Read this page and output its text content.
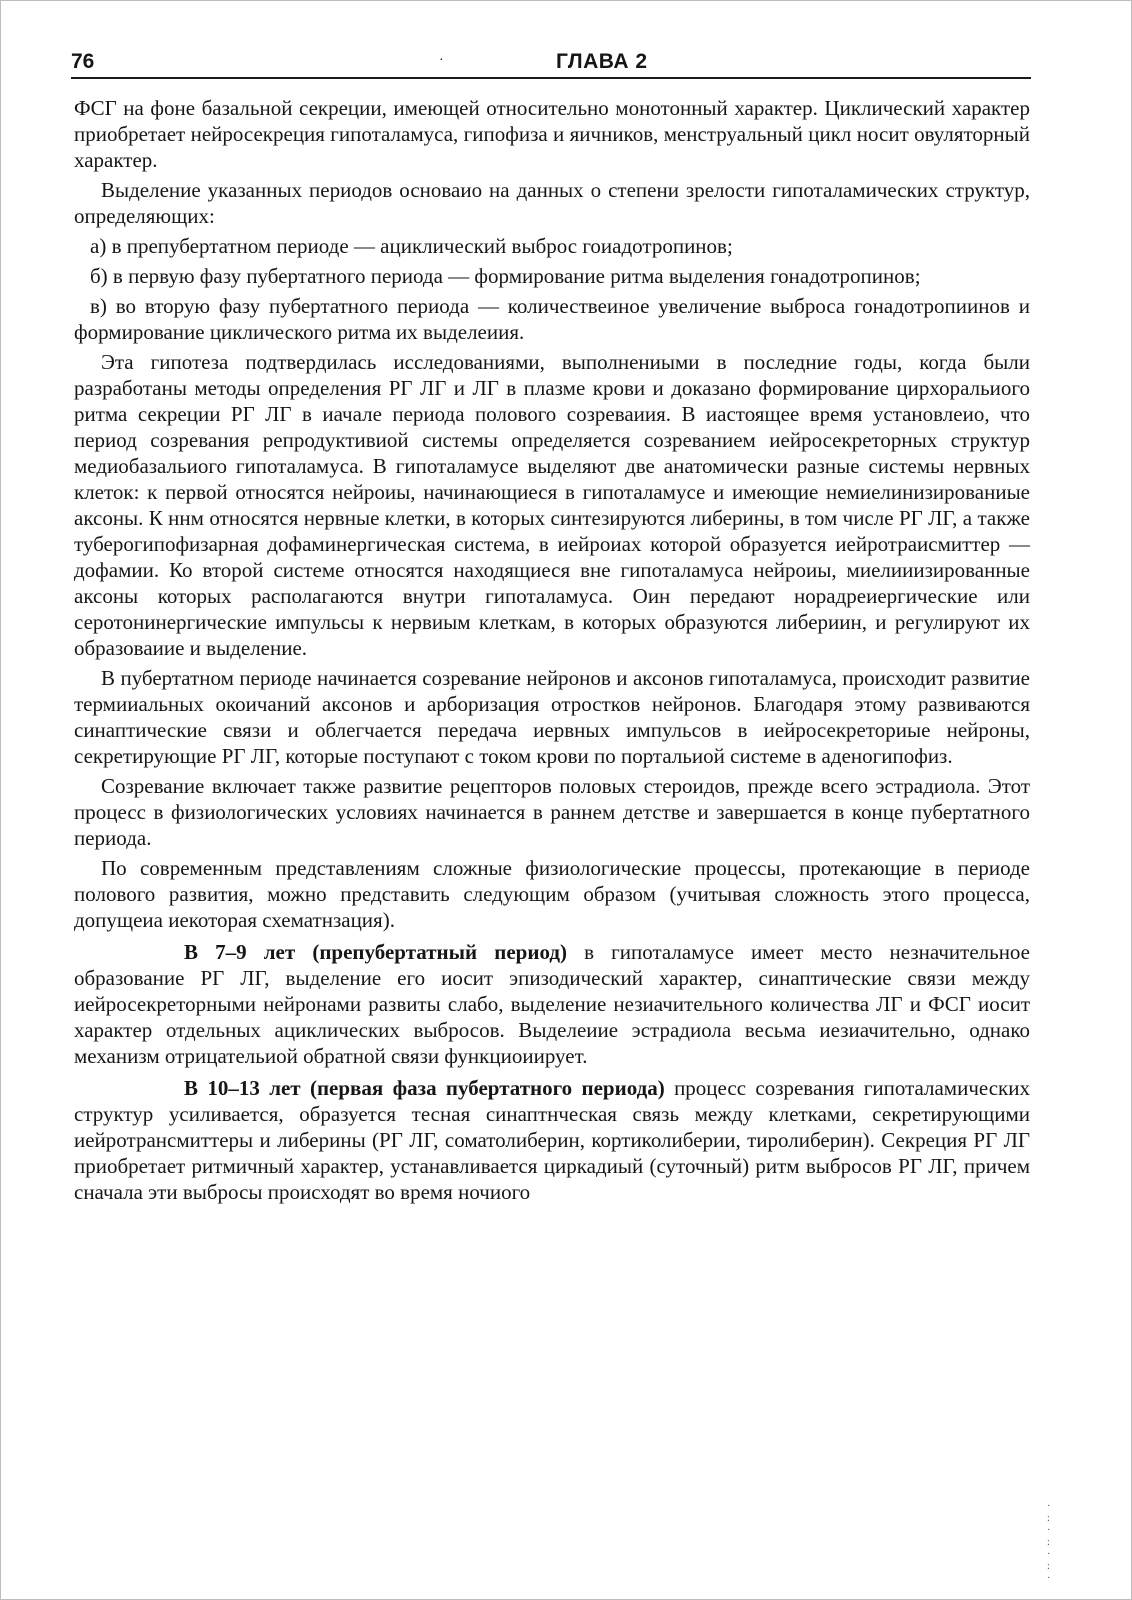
76	·	ГЛАВА 2

ФСГ на фоне базальной секреции, имеющей относительно монотонный характер. Циклический характер приобретает нейросекреция гипоталамуса, гипофиза и яичников, менструальный цикл носит овуляторный характер.

Выделение указанных периодов основаио на данных о степени зрелости гипоталамических структур, определяющих:

а) в препубертатном периоде — ациклический выброс гоиадотропинов;

б) в первую фазу пубертатного периода — формирование ритма выделения гонадотропинов;

в) во вторую фазу пубертатного периода — количествеиное увеличение выброса гонадотропиинов и формирование циклического ритма их выделеиия.

Эта гипотеза подтвердилась исследованиями, выполнениыми в последние годы, когда были разработаны методы определения РГ ЛГ и ЛГ в плазме крови и доказано формирование цирхоральиого ритма секреции РГ ЛГ в иачале периода полового созреваиия. В иастоящее время установлеио, что период созревания репродуктивиой системы определяется созреванием иейросекреторных структур медиобазальиого гипоталамуса. В гипоталамусе выделяют две анатомически разные системы нервных клеток: к первой относятся нейроиы, начинающиеся в гипоталамусе и имеющие немиелинизированиые аксоны. К ннм относятся нервные клетки, в которых синтезируются либерины, в том числе РГ ЛГ, а также туберогипофизарная дофаминергическая система, в иейроиах которой образуется иейротраисмиттер — дофамии. Ко второй системе относятся находящиеся вне гипоталамуса нейроиы, миелииизированные аксоны которых располагаются внутри гипоталамуса. Оин передают норадреиергические или серотонинергические импульсы к нервиым клеткам, в которых образуются либериин, и регулируют их образоваиие и выделение.

В пубертатном периоде начинается созревание нейронов и аксонов гипоталамуса, происходит развитие термииальных окоичаний аксонов и арборизация отростков нейронов. Благодаря этому развиваются синаптические связи и облегчается передача иервных импульсов в иейросекреториые нейроны, секретирующие РГ ЛГ, которые поступают с током крови по портальиой системе в аденогипофиз.

Созревание включает также развитие рецепторов половых стероидов, прежде всего эстрадиола. Этот процесс в физиологических условиях начинается в раннем детстве и завершается в конце пубертатного периода.

По современным представлениям сложные физиологические процессы, протекающие в периоде полового развития, можно представить следующим образом (учитывая сложность этого процесса, допущеиа иекоторая схематнзация).

В 7–9 лет (препубертатный период) в гипоталамусе имеет место незначительное образование РГ ЛГ, выделение его иосит эпизодический характер, синаптические связи между иейросекреторными нейронами развиты слабо, выделение незиачительного количества ЛГ и ФСГ иосит характер отдельных ациклических выбросов. Выделеиие эстрадиола весьма иезиачительно, однако механизм отрицательиой обратной связи функциоиирует.

В 10–13 лет (первая фаза пубертатного периода) процесс созревания гипоталамических структур усиливается, образуется тесная синаптнческая связь между клетками, секретирующими иейротрансмиттеры и либерины (РГ ЛГ, соматолиберин, кортиколиберии, тиролиберин). Секреция РГ ЛГ приобретает ритмичный характер, устанавливается циркадиый (суточный) ритм выбросов РГ ЛГ, причем сначала эти выбросы происходят во время ночиого

·
:
·
:
·
:
·
